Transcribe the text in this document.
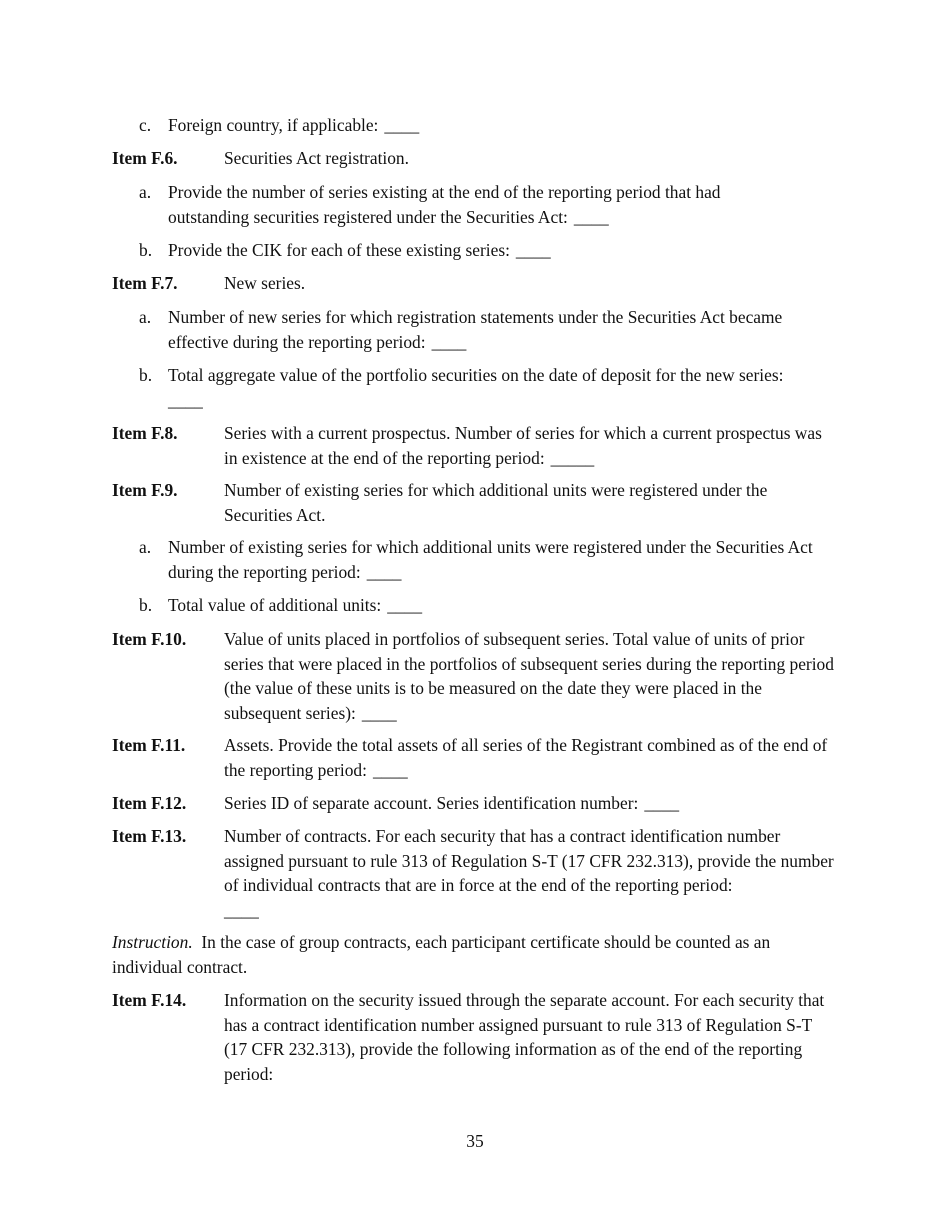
c. Foreign country, if applicable: ____
Item F.6.	Securities Act registration.
a. Provide the number of series existing at the end of the reporting period that had outstanding securities registered under the Securities Act: ____
b. Provide the CIK for each of these existing series: ____
Item F.7.	New series.
a. Number of new series for which registration statements under the Securities Act became effective during the reporting period: ____
b. Total aggregate value of the portfolio securities on the date of deposit for the new series:
____
Item F.8.	Series with a current prospectus. Number of series for which a current prospectus was in existence at the end of the reporting period: _____
Item F.9.	Number of existing series for which additional units were registered under the Securities Act.
a. Number of existing series for which additional units were registered under the Securities Act during the reporting period: ____
b. Total value of additional units: ____
Item F.10. Value of units placed in portfolios of subsequent series. Total value of units of prior series that were placed in the portfolios of subsequent series during the reporting period (the value of these units is to be measured on the date they were placed in the subsequent series): ____
Item F.11. Assets. Provide the total assets of all series of the Registrant combined as of the end of the reporting period: ____
Item F.12. Series ID of separate account. Series identification number: ____
Item F.13. Number of contracts. For each security that has a contract identification number assigned pursuant to rule 313 of Regulation S-T (17 CFR 232.313), provide the number of individual contracts that are in force at the end of the reporting period:
____
Instruction. In the case of group contracts, each participant certificate should be counted as an individual contract.
Item F.14. Information on the security issued through the separate account. For each security that has a contract identification number assigned pursuant to rule 313 of Regulation S-T (17 CFR 232.313), provide the following information as of the end of the reporting period:
35
